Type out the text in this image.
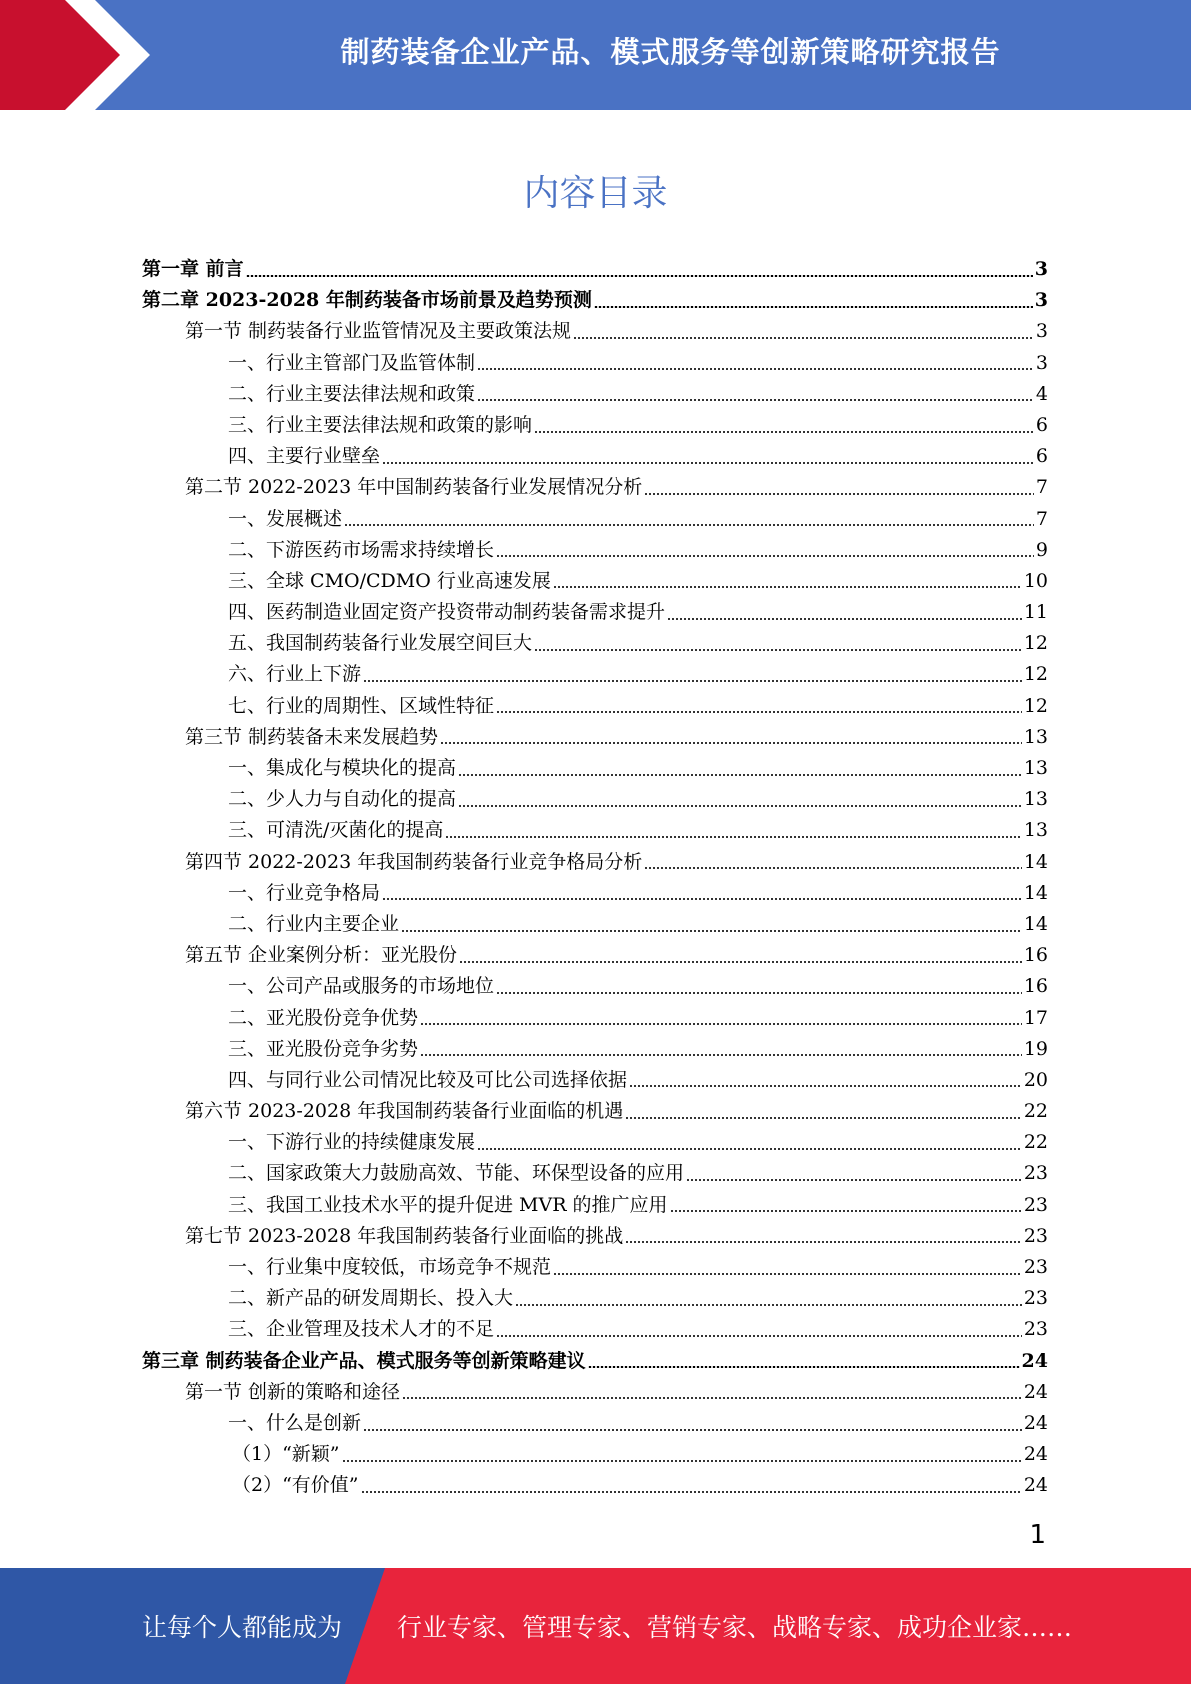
制药装备企业产品、模式服务等创新策略研究报告
内容目录
第一章 前言	3
第二章 2023-2028 年制药装备市场前景及趋势预测	3
第一节 制药装备行业监管情况及主要政策法规	3
一、行业主管部门及监管体制	3
二、行业主要法律法规和政策	4
三、行业主要法律法规和政策的影响	6
四、主要行业壁垒	6
第二节 2022-2023 年中国制药装备行业发展情况分析	7
一、发展概述	7
二、下游医药市场需求持续增长	9
三、全球 CMO/CDMO 行业高速发展	10
四、医药制造业固定资产投资带动制药装备需求提升	11
五、我国制药装备行业发展空间巨大	12
六、行业上下游	12
七、行业的周期性、区域性特征	12
第三节 制药装备未来发展趋势	13
一、集成化与模块化的提高	13
二、少人力与自动化的提高	13
三、可清洗/灭菌化的提高	13
第四节 2022-2023 年我国制药装备行业竞争格局分析	14
一、行业竞争格局	14
二、行业内主要企业	14
第五节 企业案例分析：亚光股份	16
一、公司产品或服务的市场地位	16
二、亚光股份竞争优势	17
三、亚光股份竞争劣势	19
四、与同行业公司情况比较及可比公司选择依据	20
第六节 2023-2028 年我国制药装备行业面临的机遇	22
一、下游行业的持续健康发展	22
二、国家政策大力鼓励高效、节能、环保型设备的应用	23
三、我国工业技术水平的提升促进 MVR 的推广应用	23
第七节 2023-2028 年我国制药装备行业面临的挑战	23
一、行业集中度较低，市场竞争不规范	23
二、新产品的研发周期长、投入大	23
三、企业管理及技术人才的不足	23
第三章 制药装备企业产品、模式服务等创新策略建议	24
第一节 创新的策略和途径	24
一、什么是创新	24
（1）“新颖”	24
（2）“有价值”	24
1
让每个人都能成为 行业专家、管理专家、营销专家、战略专家、成功企业家……
